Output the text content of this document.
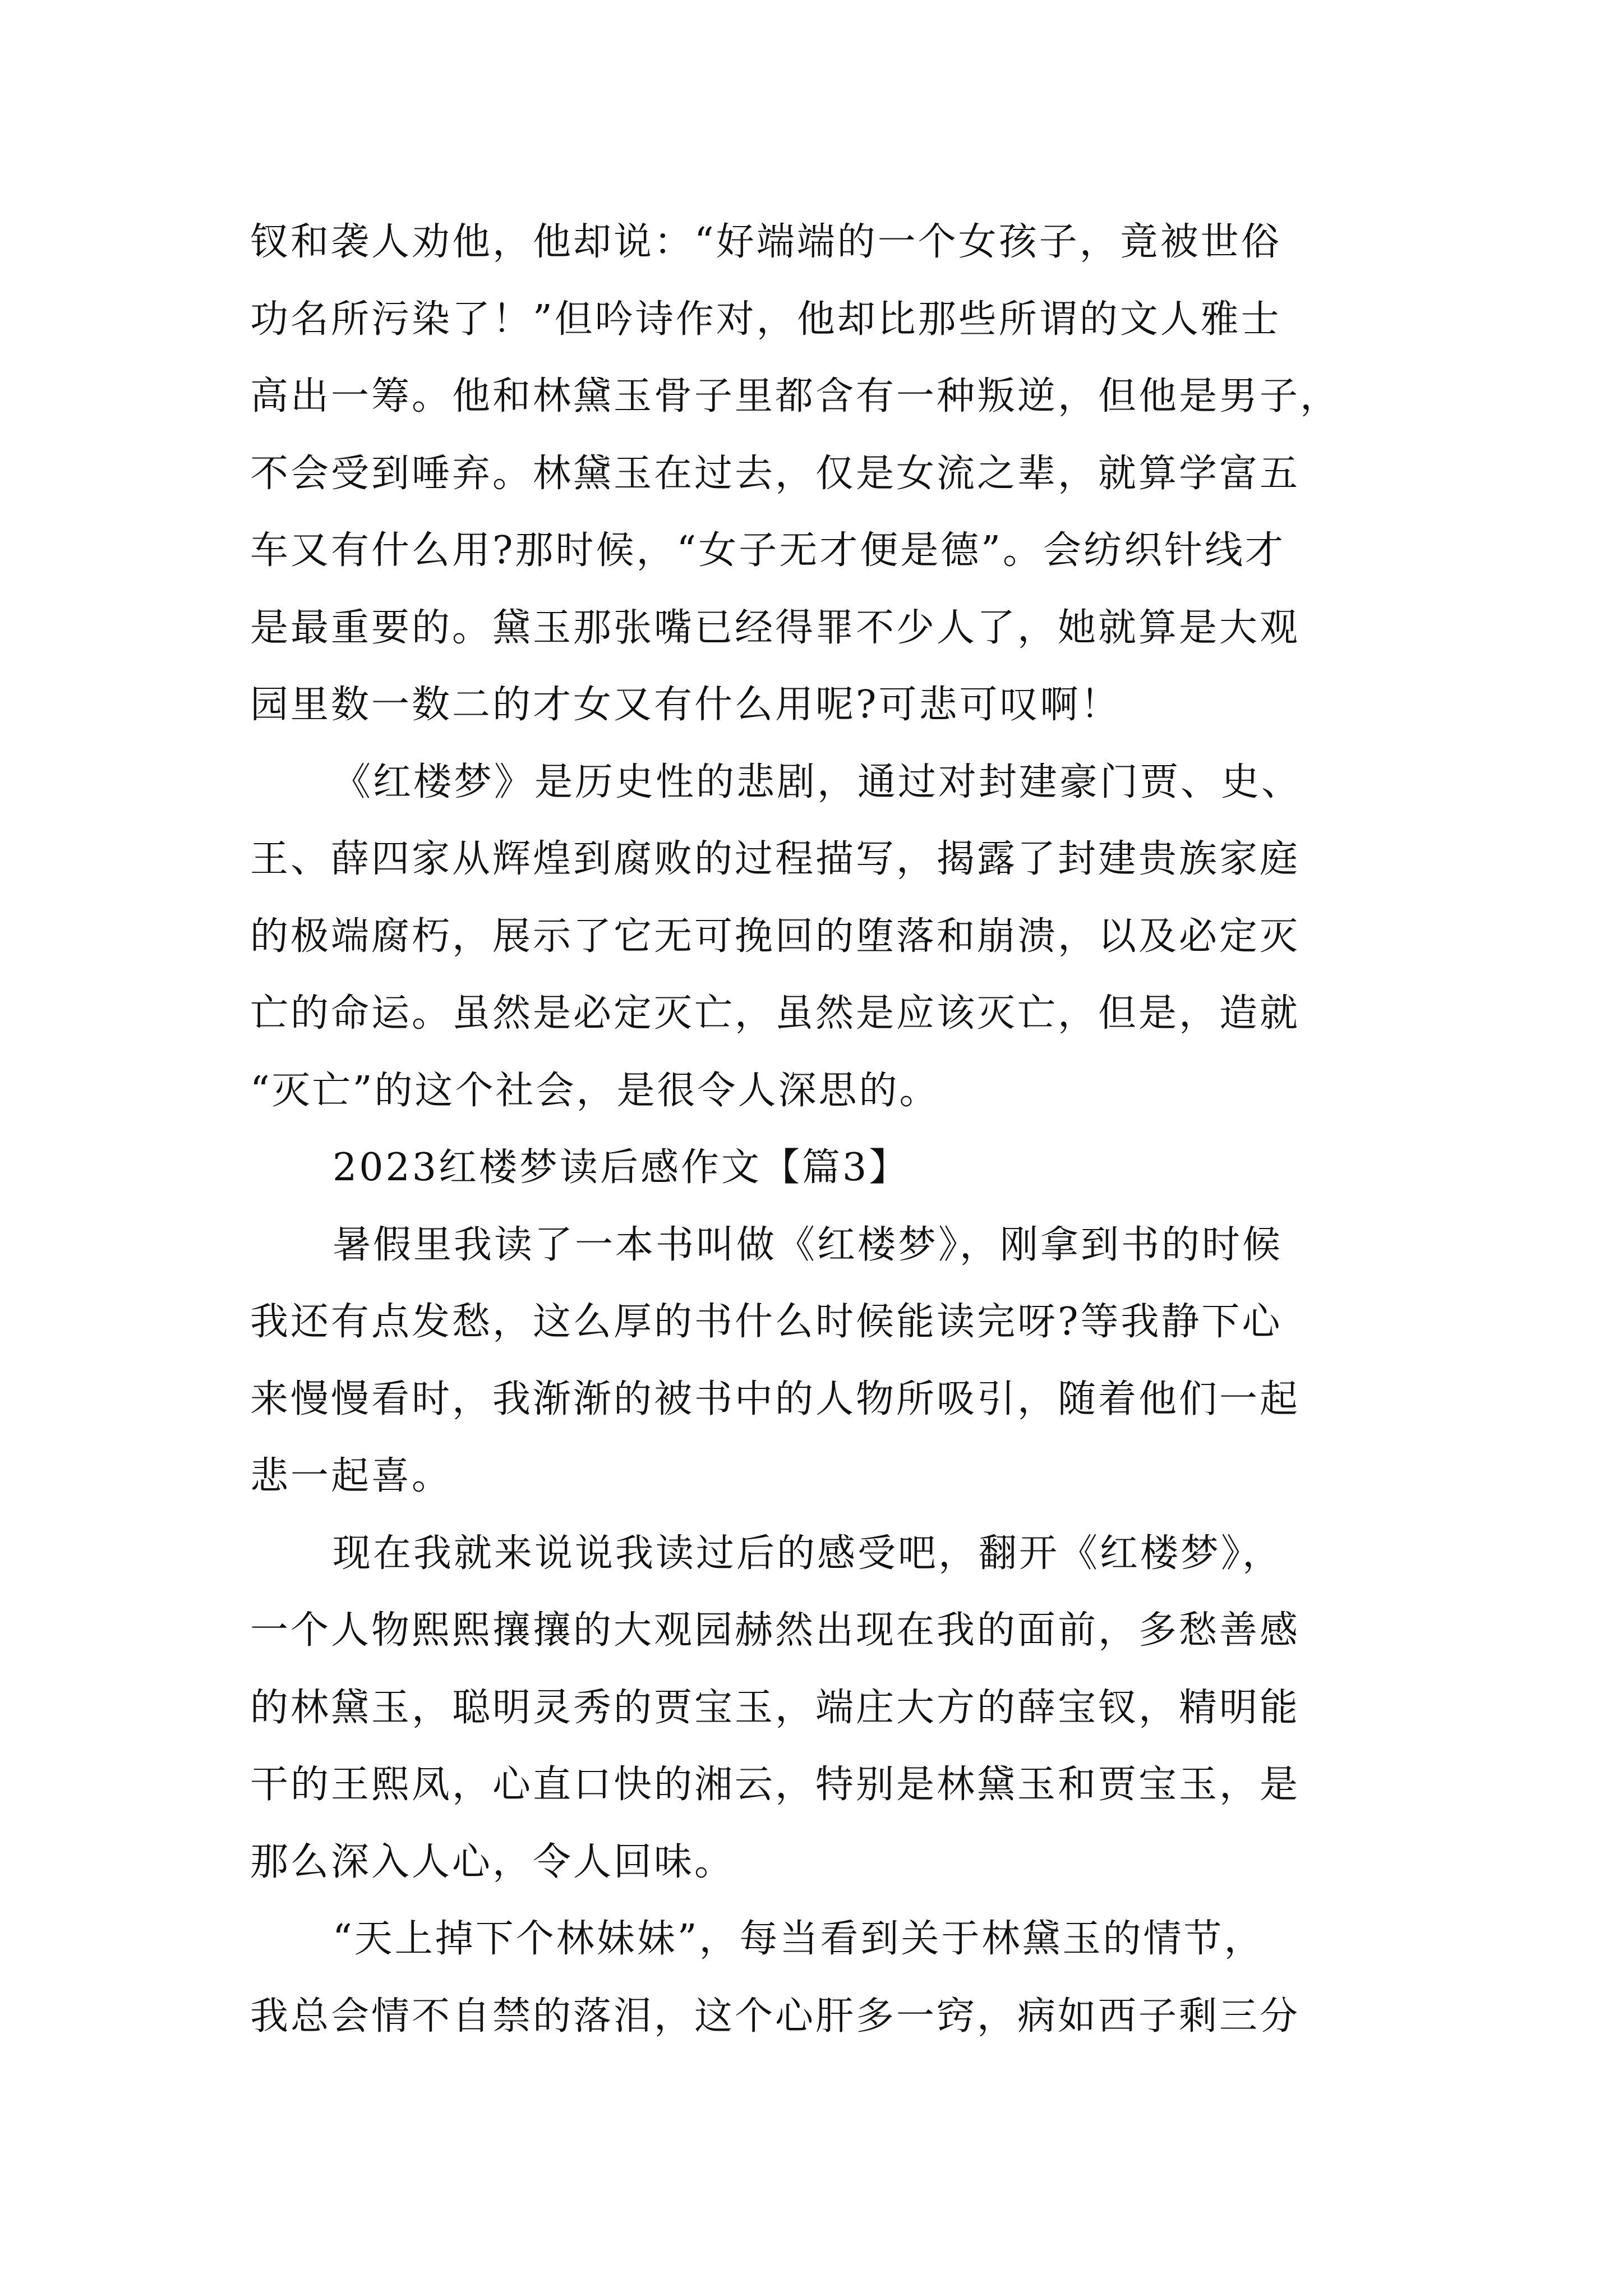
钗和袭人劝他，他却说：“好端端的一个女孩子，竟被世俗
功名所污染了！”但吟诗作对，他却比那些所谓的文人雅士
高出一筹。他和林黛玉骨子里都含有一种叛逆，但他是男子，
不会受到唾弃。林黛玉在过去，仅是女流之辈，就算学富五
车又有什么用?那时候，“女子无才便是德”。会纺织针线才
是最重要的。黛玉那张嘴已经得罪不少人了，她就算是大观
园里数一数二的才女又有什么用呢?可悲可叹啊！
《红楼梦》是历史性的悲剧，通过对封建豪门贾、史、
王、薛四家从辉煌到腐败的过程描写，揭露了封建贵族家庭
的极端腐朽，展示了它无可挽回的堕落和崩溃，以及必定灭
亡的命运。虽然是必定灭亡，虽然是应该灭亡，但是，造就
“灭亡”的这个社会，是很令人深思的。
2023红楼梦读后感作文【篇3】
暑假里我读了一本书叫做《红楼梦》，刚拿到书的时候
我还有点发愁，这么厚的书什么时候能读完呀?等我静下心
来慢慢看时，我渐渐的被书中的人物所吸引，随着他们一起
悲一起喜。
现在我就来说说我读过后的感受吧，翻开《红楼梦》，
一个人物熙熙攘攘的大观园赫然出现在我的面前，多愁善感
的林黛玉，聪明灵秀的贾宝玉，端庄大方的薛宝钗，精明能
干的王熙凤，心直口快的湘云，特别是林黛玉和贾宝玉，是
那么深入人心，令人回味。
“天上掉下个林妹妹”，每当看到关于林黛玉的情节，
我总会情不自禁的落泪，这个心肝多一窍，病如西子剩三分
